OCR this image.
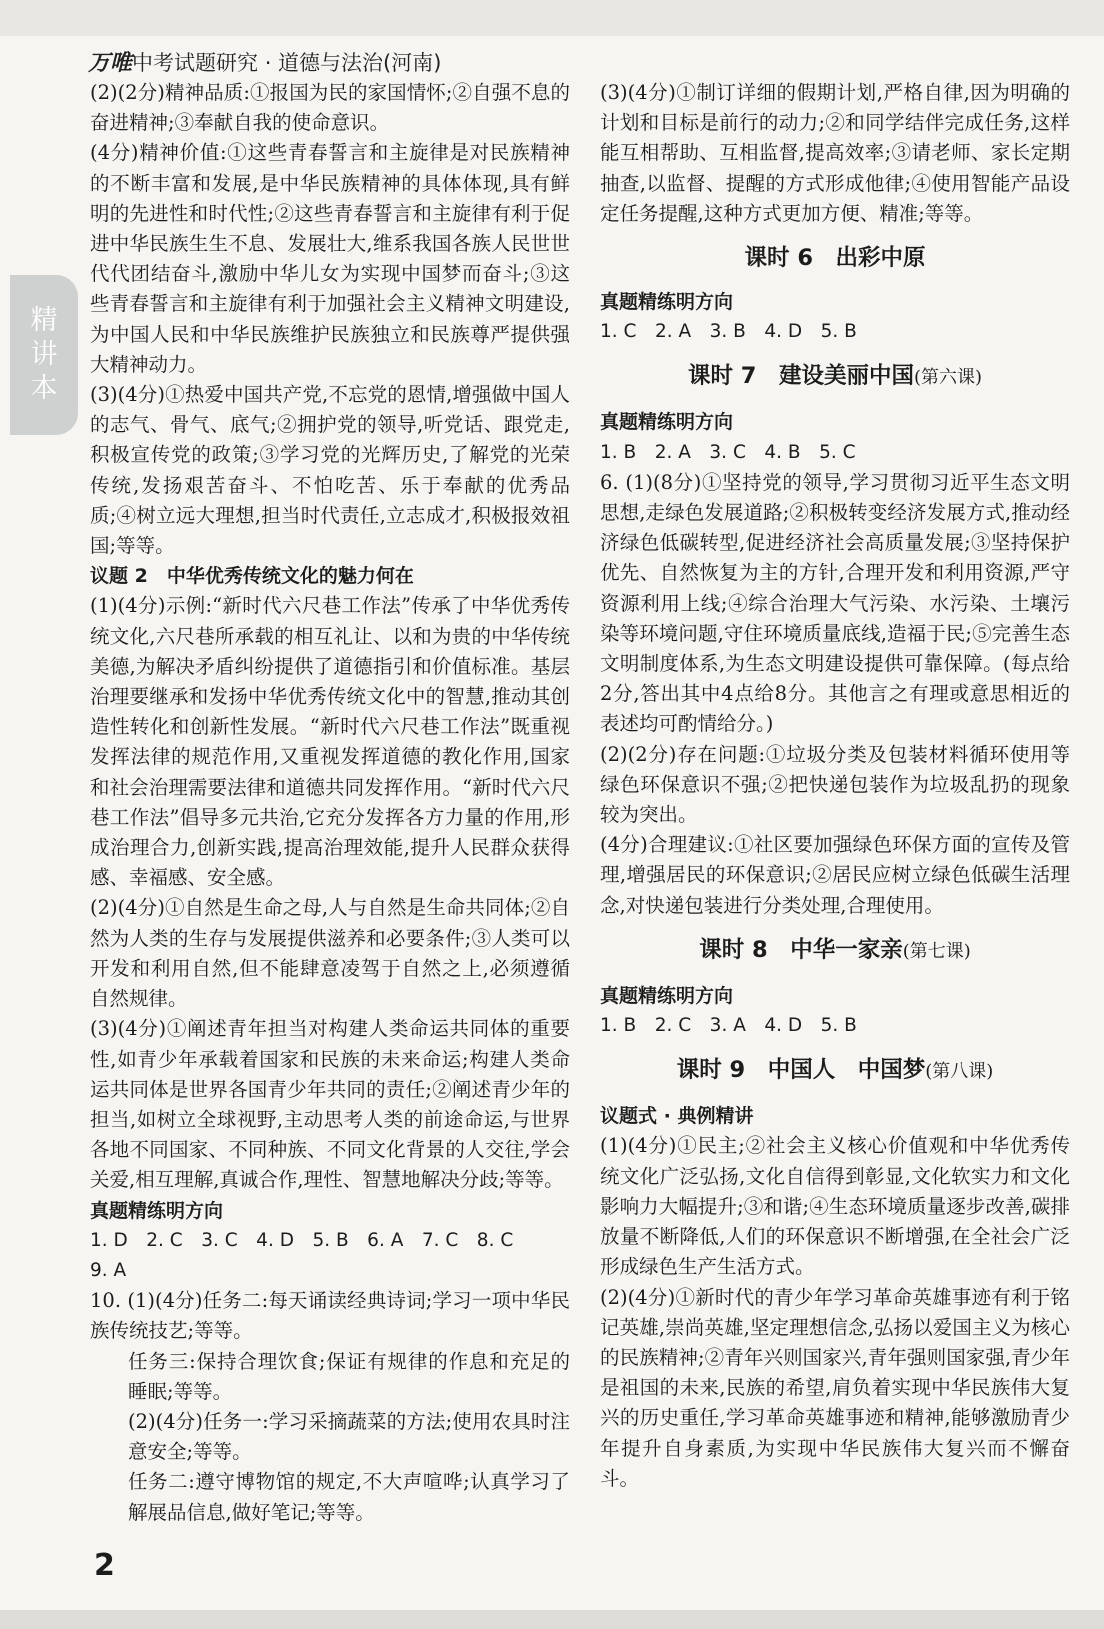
万唯中考试题研究 · 道德与法治(河南)
精
讲
本

(2)(2分)精神品质:①报国为民的家国情怀;②自强不息的奋进精神;③奉献自我的使命意识。

(4分)精神价值:①这些青春誓言和主旋律是对民族精神的不断丰富和发展,是中华民族精神的具体体现,具有鲜明的先进性和时代性;②这些青春誓言和主旋律有利于促进中华民族生生不息、发展壮大,维系我国各族人民世世代代团结奋斗,激励中华儿女为实现中国梦而奋斗;③这些青春誓言和主旋律有利于加强社会主义精神文明建设,为中国人民和中华民族维护民族独立和民族尊严提供强大精神动力。

(3)(4分)①热爱中国共产党,不忘党的恩情,增强做中国人的志气、骨气、底气;②拥护党的领导,听党话、跟党走,积极宣传党的政策;③学习党的光辉历史,了解党的光荣传统,发扬艰苦奋斗、不怕吃苦、乐于奉献的优秀品质;④树立远大理想,担当时代责任,立志成才,积极报效祖国;等等。

议题 2　中华优秀传统文化的魅力何在

(1)(4分)示例:“新时代六尺巷工作法”传承了中华优秀传统文化,六尺巷所承载的相互礼让、以和为贵的中华传统美德,为解决矛盾纠纷提供了道德指引和价值标准。基层治理要继承和发扬中华优秀传统文化中的智慧,推动其创造性转化和创新性发展。“新时代六尺巷工作法”既重视发挥法律的规范作用,又重视发挥道德的教化作用,国家和社会治理需要法律和道德共同发挥作用。“新时代六尺巷工作法”倡导多元共治,它充分发挥各方力量的作用,形成治理合力,创新实践,提高治理效能,提升人民群众获得感、幸福感、安全感。

(2)(4分)①自然是生命之母,人与自然是生命共同体;②自然为人类的生存与发展提供滋养和必要条件;③人类可以开发和利用自然,但不能肆意凌驾于自然之上,必须遵循自然规律。

(3)(4分)①阐述青年担当对构建人类命运共同体的重要性,如青少年承载着国家和民族的未来命运;构建人类命运共同体是世界各国青少年共同的责任;②阐述青少年的担当,如树立全球视野,主动思考人类的前途命运,与世界各地不同国家、不同种族、不同文化背景的人交往,学会关爱,相互理解,真诚合作,理性、智慧地解决分歧;等等。

真题精练明方向

1. D　2. C　3. C　4. D　5. B　6. A　7. C　8. C

9. A

10. (1)(4分)任务二:每天诵读经典诗词;学习一项中华民族传统技艺;等等。

任务三:保持合理饮食;保证有规律的作息和充足的睡眠;等等。

(2)(4分)任务一:学习采摘蔬菜的方法;使用农具时注意安全;等等。

任务二:遵守博物馆的规定,不大声喧哗;认真学习了解展品信息,做好笔记;等等。

(3)(4分)①制订详细的假期计划,严格自律,因为明确的计划和目标是前行的动力;②和同学结伴完成任务,这样能互相帮助、互相监督,提高效率;③请老师、家长定期抽查,以监督、提醒的方式形成他律;④使用智能产品设定任务提醒,这种方式更加方便、精准;等等。

课时 6　出彩中原

真题精练明方向

1. C　2. A　3. B　4. D　5. B

课时 7　建设美丽中国(第六课)

真题精练明方向

1. B　2. A　3. C　4. B　5. C

6. (1)(8分)①坚持党的领导,学习贯彻习近平生态文明思想,走绿色发展道路;②积极转变经济发展方式,推动经济绿色低碳转型,促进经济社会高质量发展;③坚持保护优先、自然恢复为主的方针,合理开发和利用资源,严守资源利用上线;④综合治理大气污染、水污染、土壤污染等环境问题,守住环境质量底线,造福于民;⑤完善生态文明制度体系,为生态文明建设提供可靠保障。(每点给2分,答出其中4点给8分。其他言之有理或意思相近的表述均可酌情给分。)

(2)(2分)存在问题:①垃圾分类及包装材料循环使用等绿色环保意识不强;②把快递包装作为垃圾乱扔的现象较为突出。

(4分)合理建议:①社区要加强绿色环保方面的宣传及管理,增强居民的环保意识;②居民应树立绿色低碳生活理念,对快递包装进行分类处理,合理使用。

课时 8　中华一家亲(第七课)

真题精练明方向

1. B　2. C　3. A　4. D　5. B

课时 9　中国人　中国梦(第八课)

议题式 · 典例精讲

(1)(4分)①民主;②社会主义核心价值观和中华优秀传统文化广泛弘扬,文化自信得到彰显,文化软实力和文化影响力大幅提升;③和谐;④生态环境质量逐步改善,碳排放量不断降低,人们的环保意识不断增强,在全社会广泛形成绿色生产生活方式。

(2)(4分)①新时代的青少年学习革命英雄事迹有利于铭记英雄,崇尚英雄,坚定理想信念,弘扬以爱国主义为核心的民族精神;②青年兴则国家兴,青年强则国家强,青少年是祖国的未来,民族的希望,肩负着实现中华民族伟大复兴的历史重任,学习革命英雄事迹和精神,能够激励青少年提升自身素质,为实现中华民族伟大复兴而不懈奋斗。

2
